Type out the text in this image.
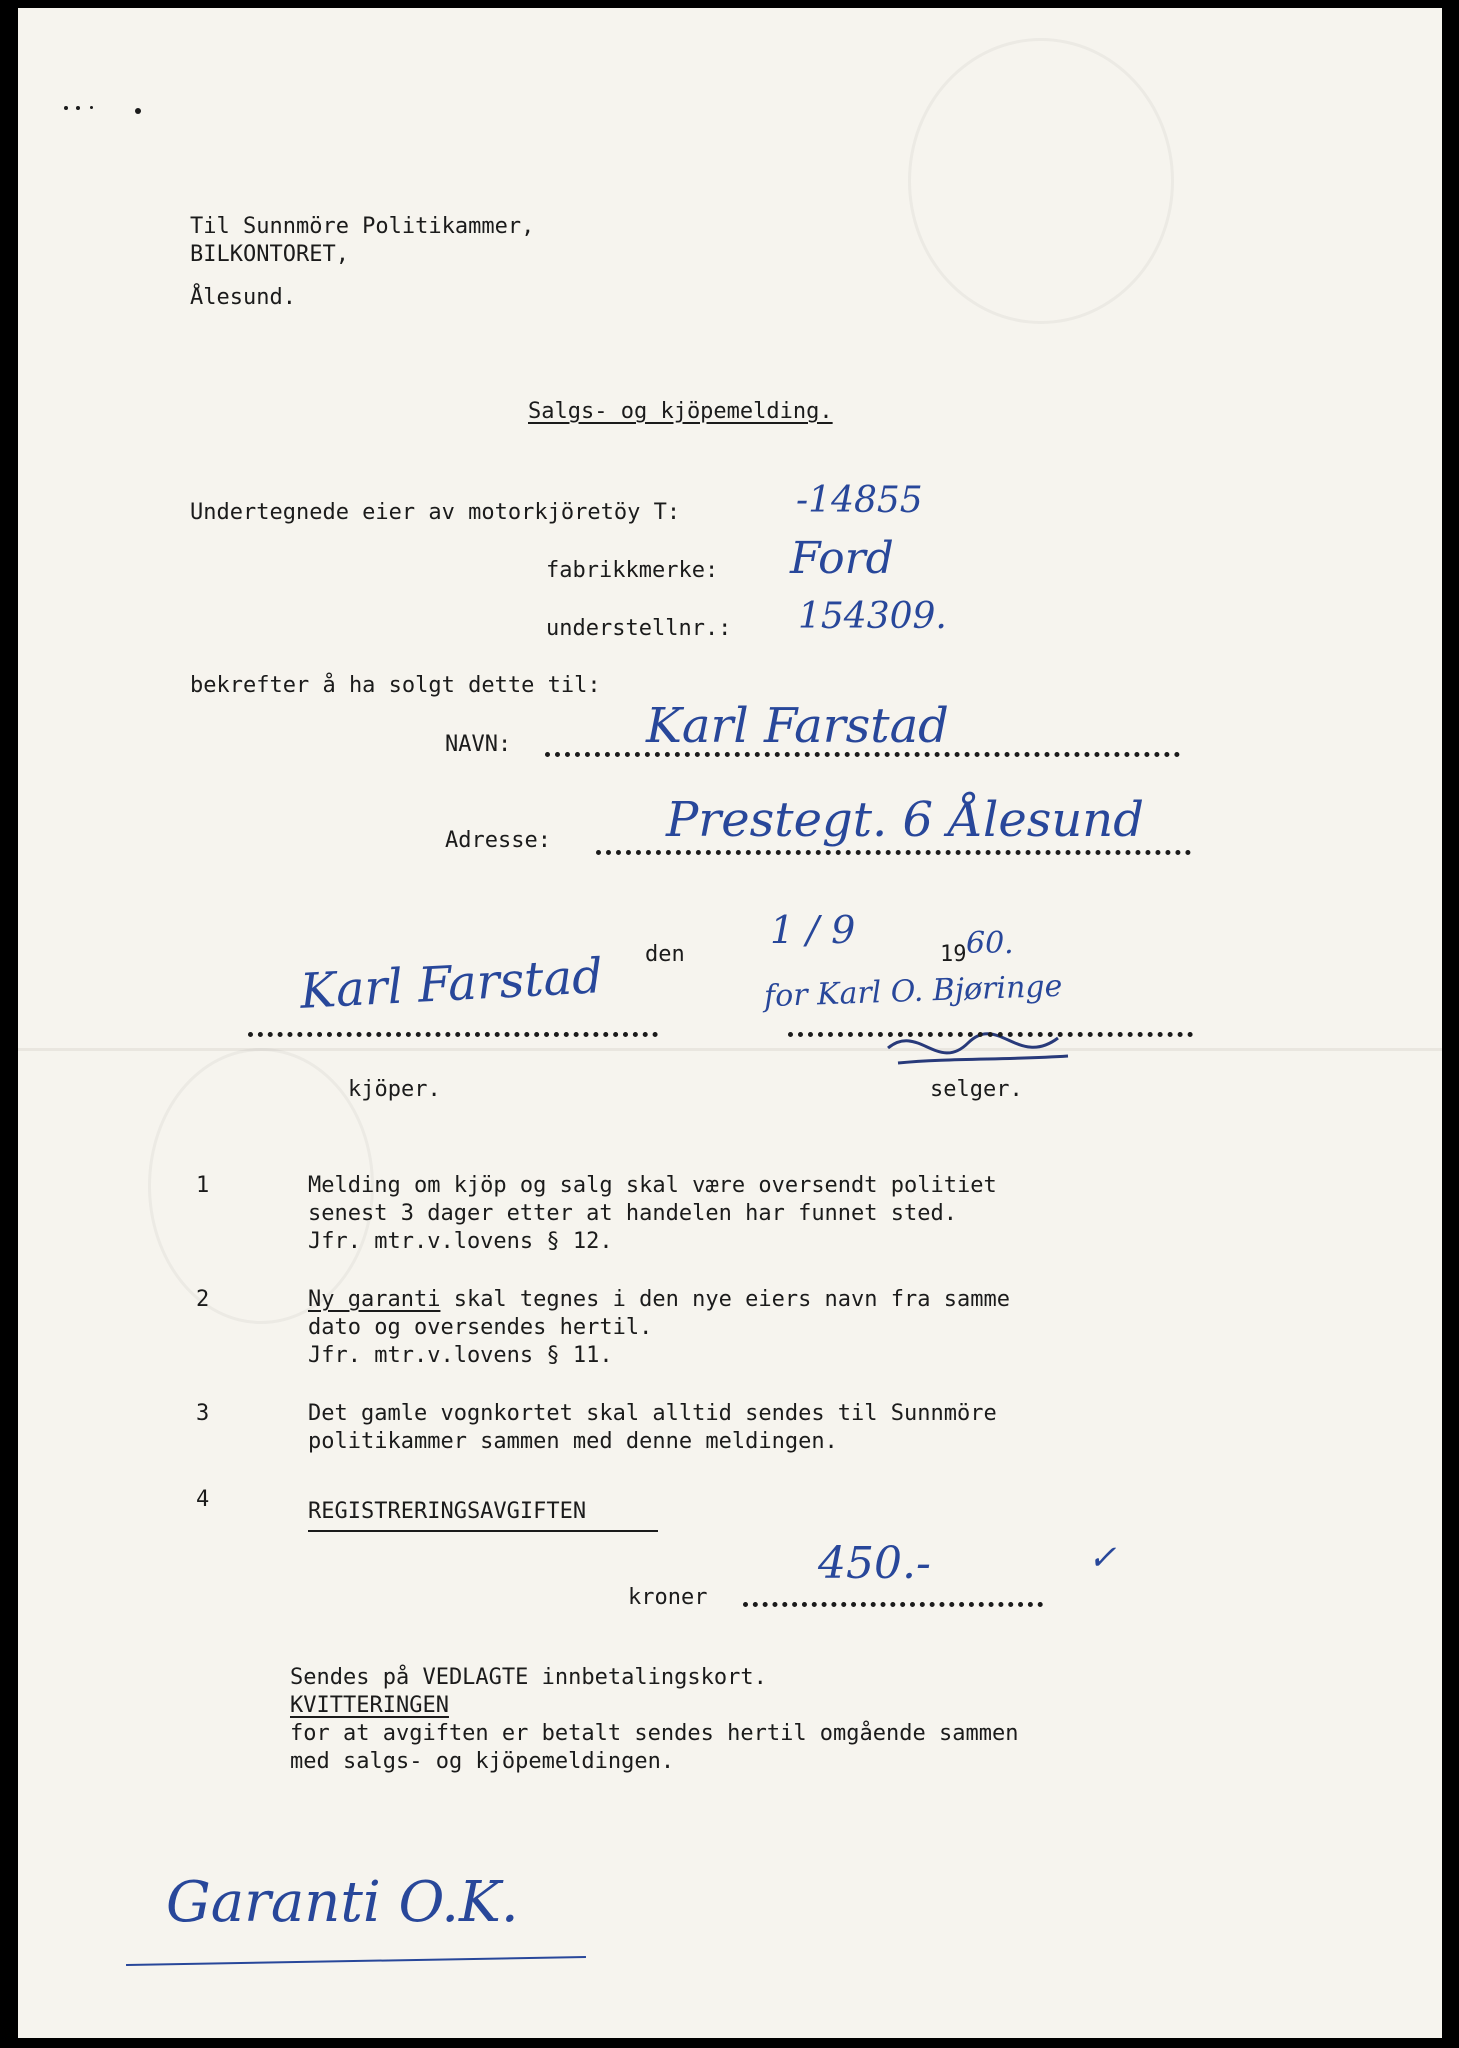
Til Sunnmöre Politikammer,

BILKONTORET,

Ålesund.

Salgs- og kjöpemelding.

Undertegnede eier av motorkjöretöy T:	-14855

fabrikkmerke: Ford

understellnr.: 154309.

bekrefter å ha solgt dette til:

NAVN:	Karl Farstad

Adresse: Prestegt. 6 Ålesund

den

1 / 9

19 60.

Karl Farstad	for Karl O. Bjøringe

kjöper.	selger.

1	Melding om kjöp og salg skal være oversendt politiet

senest 3 dager etter at handelen har funnet sted.

Jfr. mtr.v.lovens § 12.

2	Ny garanti skal tegnes i den nye eiers navn fra samme

dato og oversendes hertil.

Jfr. mtr.v.lovens § 11.

3	Det gamle vognkortet skal alltid sendes til Sunnmöre

politikammer sammen med denne meldingen.

4	REGISTRERINGSAVGIFTEN

kroner

450.-	✓

Sendes på VEDLAGTE innbetalingskort.

KVITTERINGEN

for at avgiften er betalt sendes hertil omgående sammen

med salgs- og kjöpemeldingen.

Garanti O.K.
